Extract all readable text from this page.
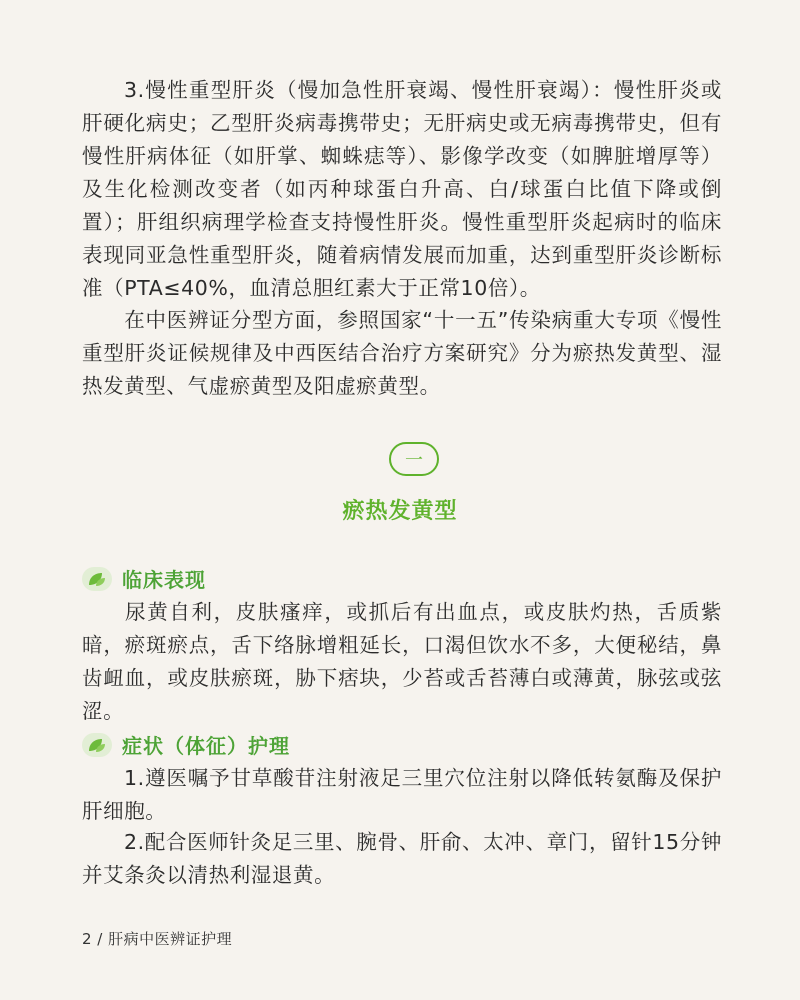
3.慢性重型肝炎（慢加急性肝衰竭、慢性肝衰竭）：慢性肝炎或肝硬化病史；乙型肝炎病毒携带史；无肝病史或无病毒携带史，但有慢性肝病体征（如肝掌、蜘蛛痣等）、影像学改变（如脾脏增厚等）及生化检测改变者（如丙种球蛋白升高、白/球蛋白比值下降或倒置）；肝组织病理学检查支持慢性肝炎。慢性重型肝炎起病时的临床表现同亚急性重型肝炎，随着病情发展而加重，达到重型肝炎诊断标准（PTA≤40%，血清总胆红素大于正常10倍）。

在中医辨证分型方面，参照国家“十一五”传染病重大专项《慢性重型肝炎证候规律及中西医结合治疗方案研究》分为瘀热发黄型、湿热发黄型、气虚瘀黄型及阳虚瘀黄型。

一
瘀热发黄型
临床表现

尿黄自利，皮肤瘙痒，或抓后有出血点，或皮肤灼热，舌质紫暗，瘀斑瘀点，舌下络脉增粗延长，口渴但饮水不多，大便秘结，鼻齿衄血，或皮肤瘀斑，胁下痞块，少苔或舌苔薄白或薄黄，脉弦或弦涩。

症状（体征）护理

1.遵医嘱予甘草酸苷注射液足三里穴位注射以降低转氨酶及保护肝细胞。

2.配合医师针灸足三里、腕骨、肝俞、太冲、章门，留针15分钟并艾条灸以清热利湿退黄。

2 / 肝病中医辨证护理
